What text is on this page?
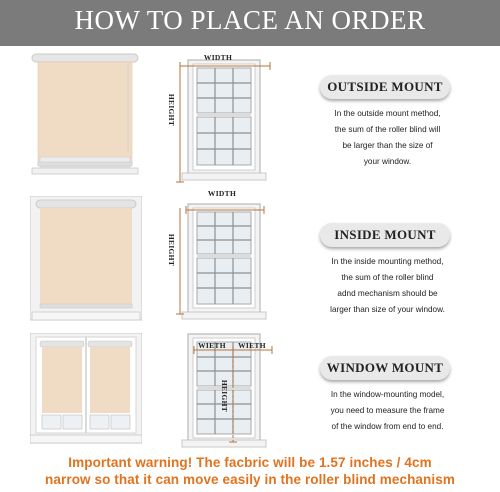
HOW TO PLACE AN ORDER
WIDTH
HEIGHT
OUTSIDE MOUNT
In the outside mount method,
the sum of the roller blind will
be larger than the size of
your window.
WIDTH
HEIGHT	INSIDE MOUNT
In the inside mounting method,
the sum of the roller blind
adnd mechanism should be
larger than size of your window.
WIETH WIETH
HEIGHT
WINDOW MOUNT
In the window-mounting model,
you need to measure the frame
of the window from end to end.
Important warning! The facbric will be 1.57 inches / 4cm
narrow so that it can move easily in the roller blind mechanism
